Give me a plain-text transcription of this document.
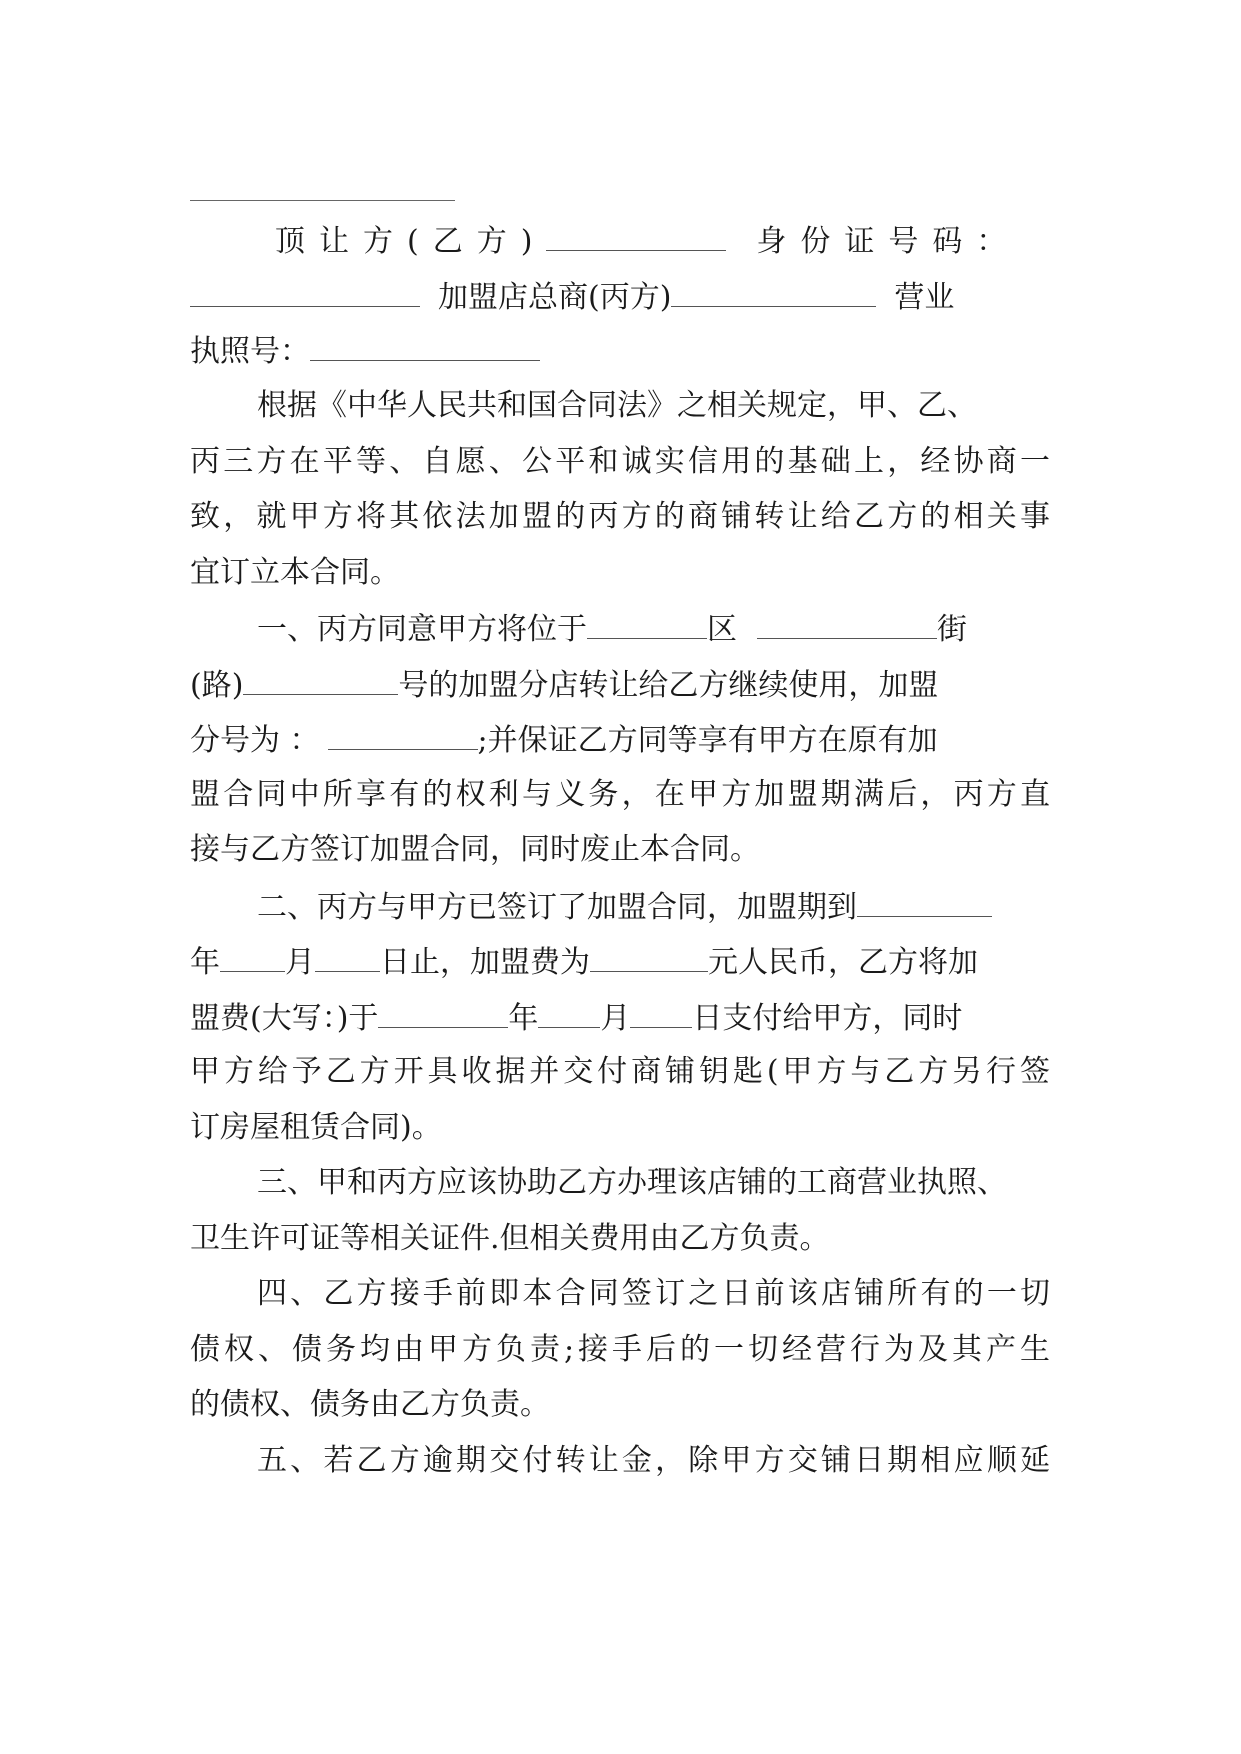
顶让方(乙方)	身份证号码：
加盟店总商(丙方)	营业
执照号：
根据《中华人民共和国合同法》之相关规定，甲、乙、
丙三方在平等、自愿、公平和诚实信用的基础上，经协商一
致，就甲方将其依法加盟的丙方的商铺转让给乙方的相关事
宜订立本合同。
一、丙方同意甲方将位于	区	街
(路)	号的加盟分店转让给乙方继续使用，加盟
分号为 ：	;并保证乙方同等享有甲方在原有加
盟合同中所享有的权利与义务，在甲方加盟期满后，丙方直
接与乙方签订加盟合同，同时废止本合同。
二、丙方与甲方已签订了加盟合同，加盟期到
年 月 日止，加盟费为	元人民币，乙方将加
盟费(大写：)于	年 月 日支付给甲方，同时
甲方给予乙方开具收据并交付商铺钥匙(甲方与乙方另行签
订房屋租赁合同)。
三、甲和丙方应该协助乙方办理该店铺的工商营业执照、
卫生许可证等相关证件.但相关费用由乙方负责。
四、乙方接手前即本合同签订之日前该店铺所有的一切
债权、债务均由甲方负责;接手后的一切经营行为及其产生
的债权、债务由乙方负责。
五、若乙方逾期交付转让金，除甲方交铺日期相应顺延
